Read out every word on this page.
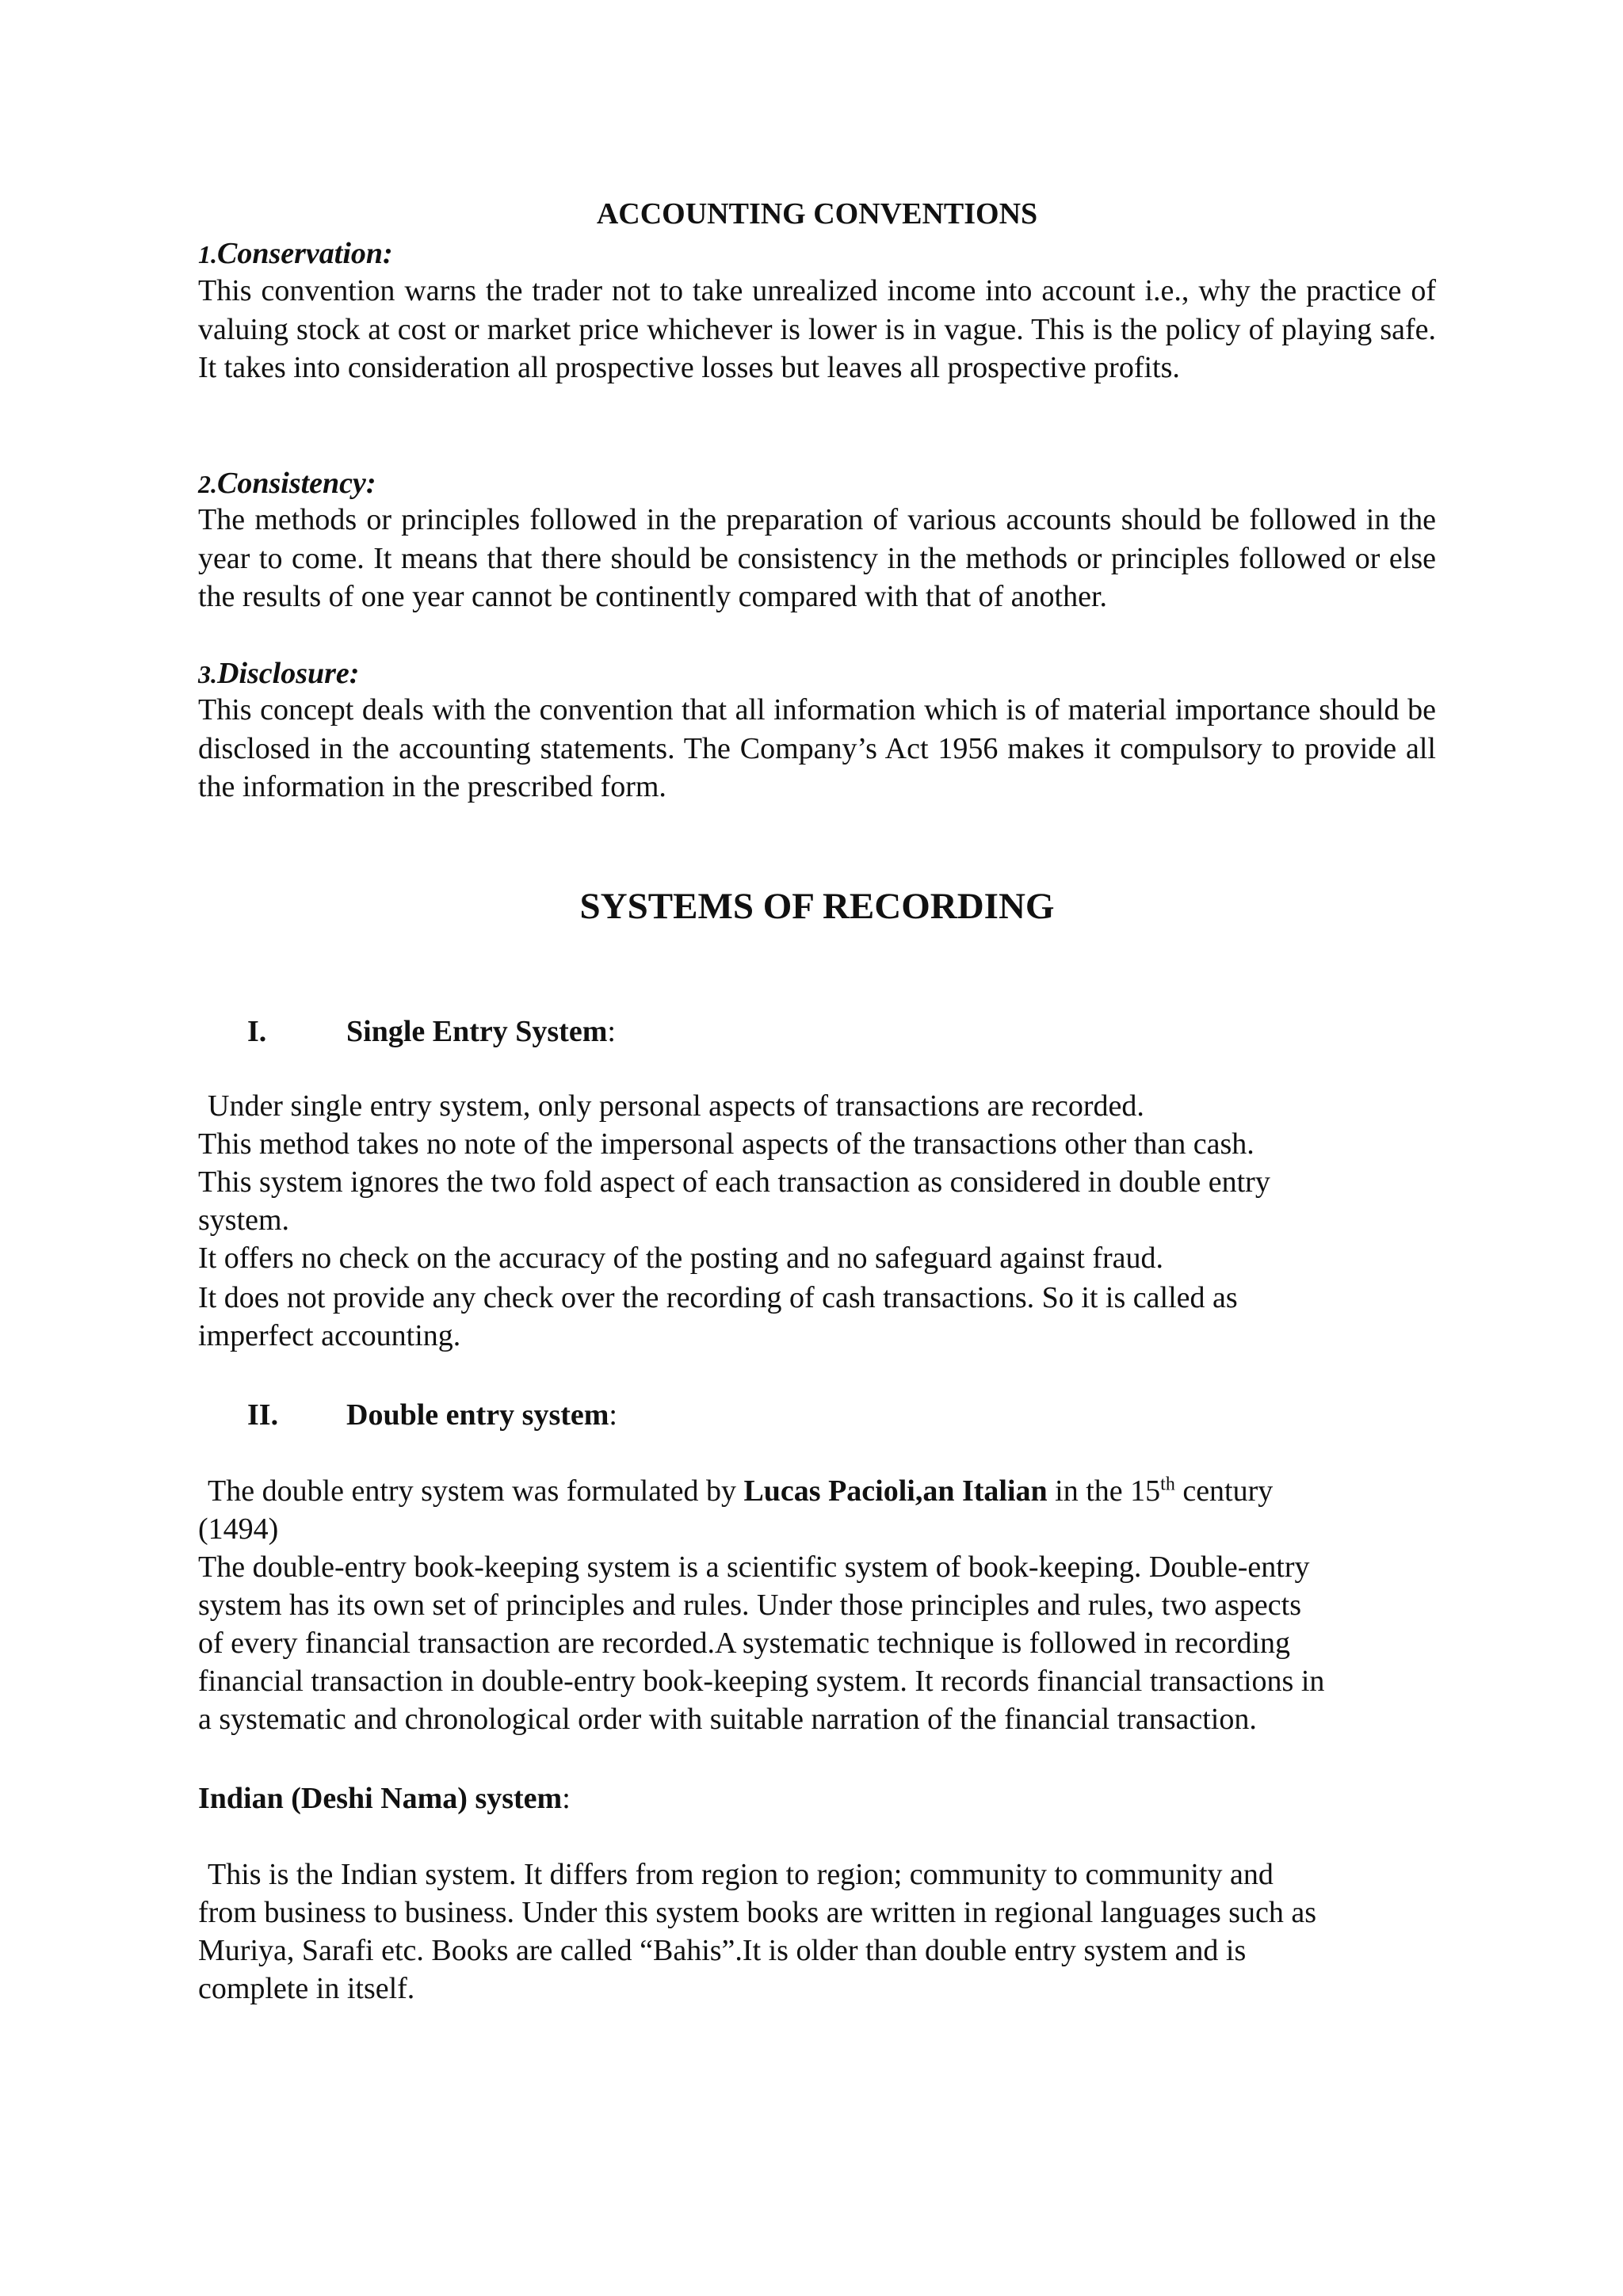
ACCOUNTING CONVENTIONS
1.Conservation:

This convention warns the trader not to take unrealized income into account i.e., why the practice of valuing stock at cost or market price whichever is lower is in vague. This is the policy of playing safe. It takes into consideration all prospective losses but leaves all prospective profits.

2.Consistency:

The methods or principles followed in the preparation of various accounts should be followed in the year to come. It means that there should be consistency in the methods or principles followed or else the results of one year cannot be continently compared with that of another.

3.Disclosure:

This concept deals with the convention that all information which is of material importance should be disclosed in the accounting statements. The Company’s Act 1956 makes it compulsory to provide all the information in the prescribed form.

SYSTEMS OF RECORDING
I.	Single Entry System:

Under single entry system, only personal aspects of transactions are recorded.

This method takes no note of the impersonal aspects of the transactions other than cash.

This system ignores the two fold aspect of each transaction as considered in double entry

system.

It offers no check on the accuracy of the posting and no safeguard against fraud.

It does not provide any check over the recording of cash transactions. So it is called as

imperfect accounting.

II. Double entry system:

The double entry system was formulated by Lucas Pacioli,an Italian in the 15th century

(1494)

The double-entry book-keeping system is a scientific system of book-keeping. Double-entry

system has its own set of principles and rules. Under those principles and rules, two aspects

of every financial transaction are recorded.A systematic technique is followed in recording

financial transaction in double-entry book-keeping system. It records financial transactions in

a systematic and chronological order with suitable narration of the financial transaction.

Indian (Deshi Nama) system:

This is the Indian system. It differs from region to region; community to community and

from business to business. Under this system books are written in regional languages such as

Muriya, Sarafi etc. Books are called “Bahis”.It is older than double entry system and is

complete in itself.
